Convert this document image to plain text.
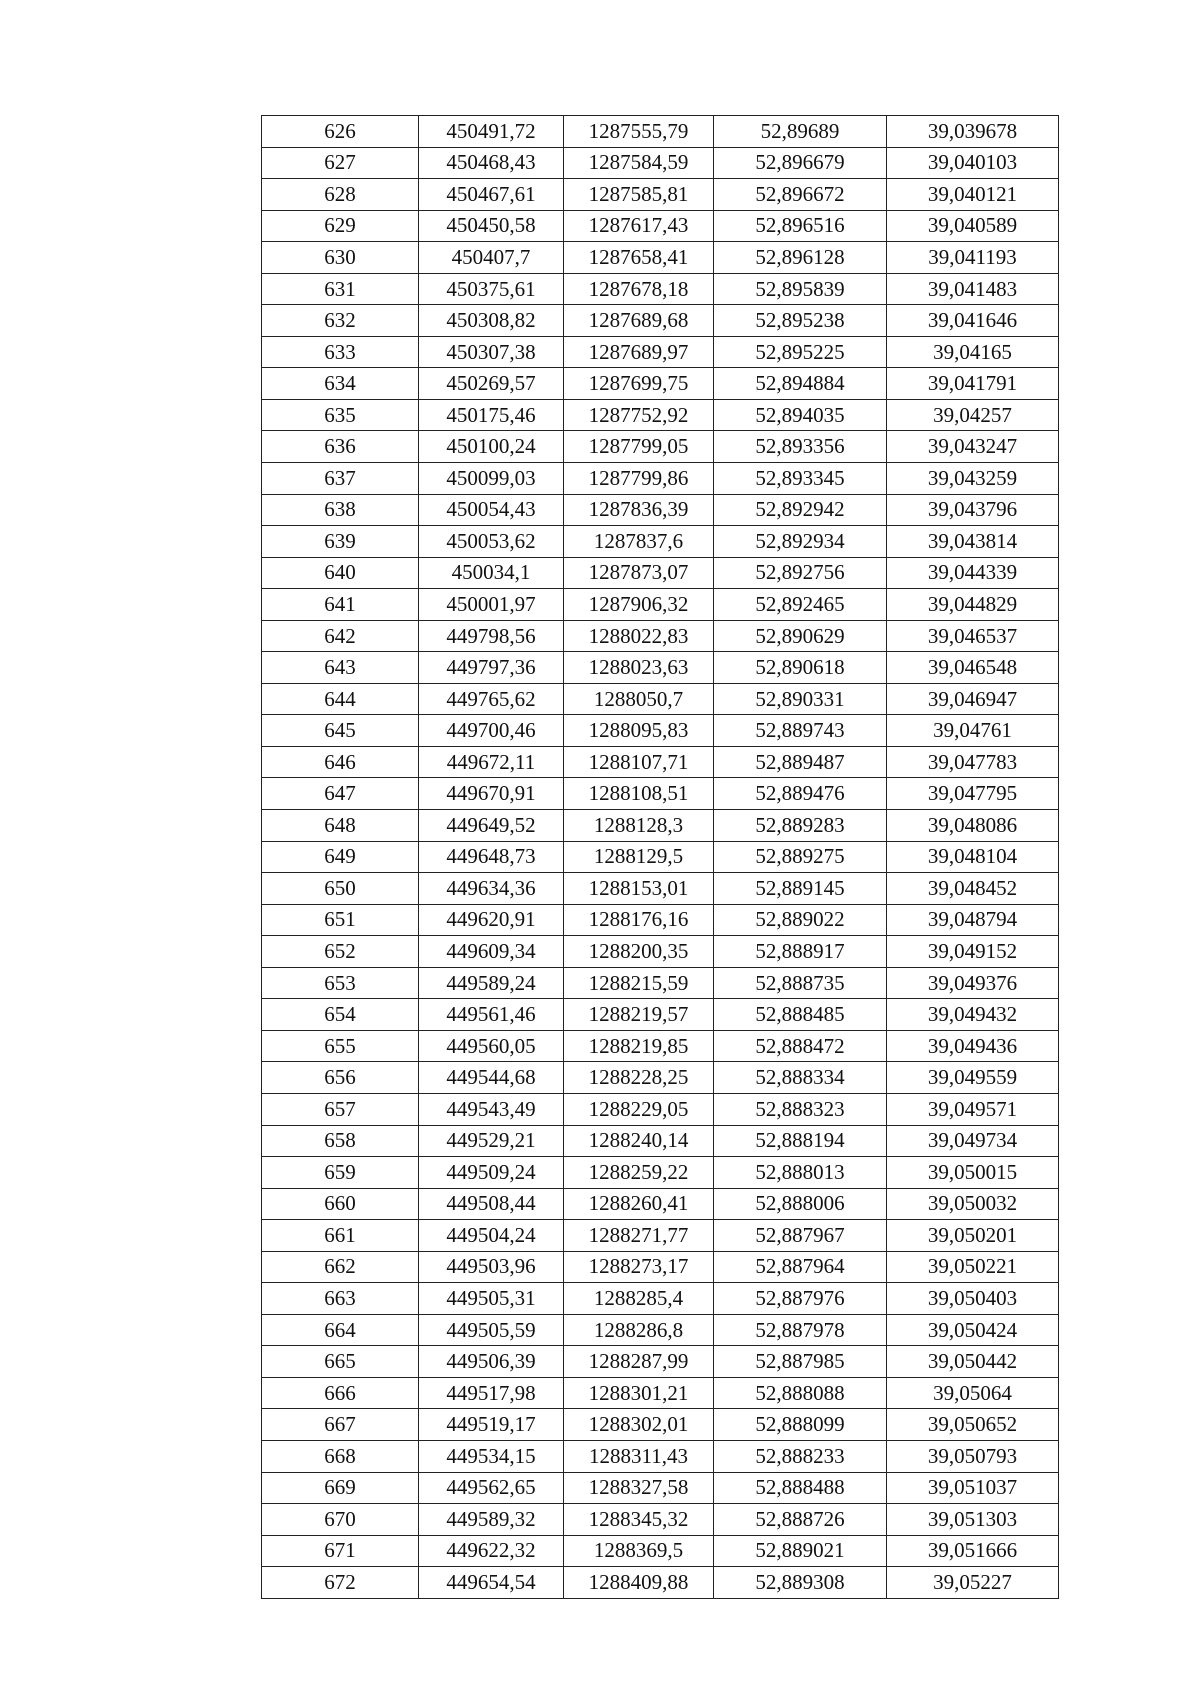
626	450491,72	1287555,79	52,89689	39,039678
627	450468,43	1287584,59	52,896679	39,040103
628	450467,61	1287585,81	52,896672	39,040121
629	450450,58	1287617,43	52,896516	39,040589
630	450407,7	1287658,41	52,896128	39,041193
631	450375,61	1287678,18	52,895839	39,041483
632	450308,82	1287689,68	52,895238	39,041646
633	450307,38	1287689,97	52,895225	39,04165
634	450269,57	1287699,75	52,894884	39,041791
635	450175,46	1287752,92	52,894035	39,04257
636	450100,24	1287799,05	52,893356	39,043247
637	450099,03	1287799,86	52,893345	39,043259
638	450054,43	1287836,39	52,892942	39,043796
639	450053,62	1287837,6	52,892934	39,043814
640	450034,1	1287873,07	52,892756	39,044339
641	450001,97	1287906,32	52,892465	39,044829
642	449798,56	1288022,83	52,890629	39,046537
643	449797,36	1288023,63	52,890618	39,046548
644	449765,62	1288050,7	52,890331	39,046947
645	449700,46	1288095,83	52,889743	39,04761
646	449672,11	1288107,71	52,889487	39,047783
647	449670,91	1288108,51	52,889476	39,047795
648	449649,52	1288128,3	52,889283	39,048086
649	449648,73	1288129,5	52,889275	39,048104
650	449634,36	1288153,01	52,889145	39,048452
651	449620,91	1288176,16	52,889022	39,048794
652	449609,34	1288200,35	52,888917	39,049152
653	449589,24	1288215,59	52,888735	39,049376
654	449561,46	1288219,57	52,888485	39,049432
655	449560,05	1288219,85	52,888472	39,049436
656	449544,68	1288228,25	52,888334	39,049559
657	449543,49	1288229,05	52,888323	39,049571
658	449529,21	1288240,14	52,888194	39,049734
659	449509,24	1288259,22	52,888013	39,050015
660	449508,44	1288260,41	52,888006	39,050032
661	449504,24	1288271,77	52,887967	39,050201
662	449503,96	1288273,17	52,887964	39,050221
663	449505,31	1288285,4	52,887976	39,050403
664	449505,59	1288286,8	52,887978	39,050424
665	449506,39	1288287,99	52,887985	39,050442
666	449517,98	1288301,21	52,888088	39,05064
667	449519,17	1288302,01	52,888099	39,050652
668	449534,15	1288311,43	52,888233	39,050793
669	449562,65	1288327,58	52,888488	39,051037
670	449589,32	1288345,32	52,888726	39,051303
671	449622,32	1288369,5	52,889021	39,051666
672	449654,54	1288409,88	52,889308	39,05227
